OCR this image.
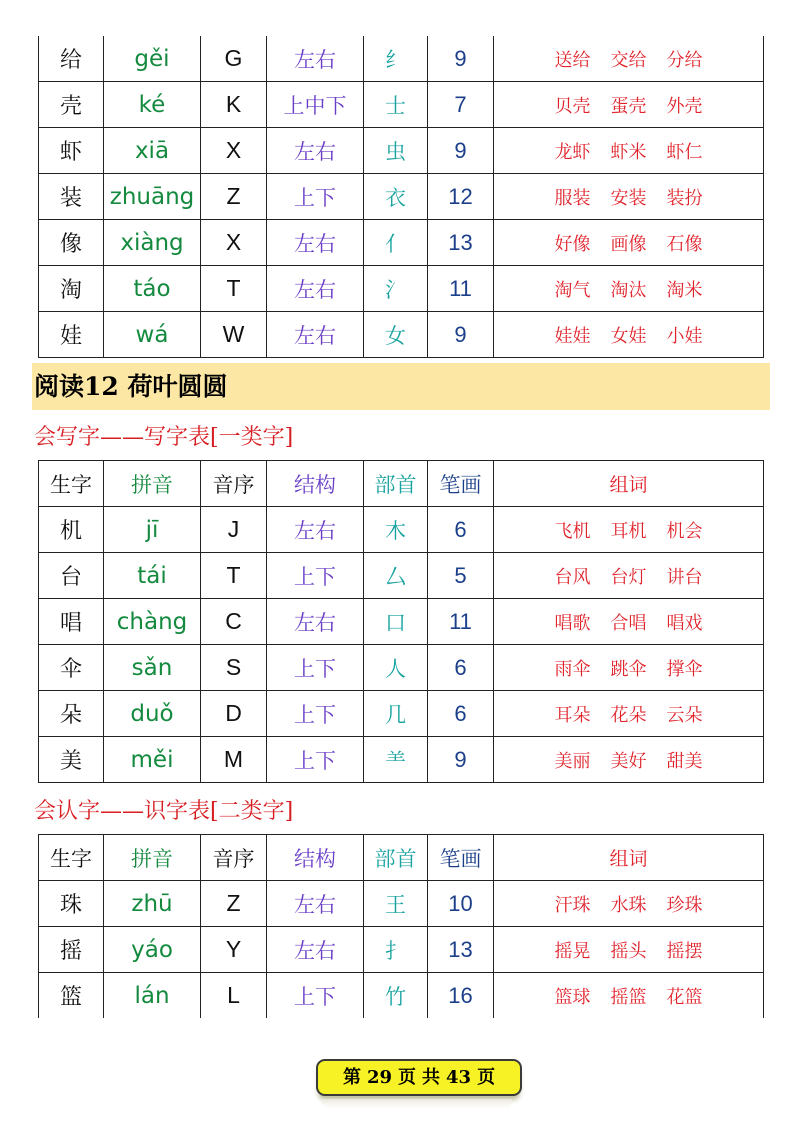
给	gěi	G	左右	纟	9	送给 交给 分给
壳	ké	K	上中下	士	7	贝壳 蛋壳 外壳
虾	xiā	X	左右	虫	9	龙虾 虾米 虾仁
装	zhuāng	Z	上下	衣	12	服装 安装 装扮
像	xiàng	X	左右	亻	13	好像 画像 石像
淘	táo	T	左右	氵	11	淘气 淘汰 淘米
娃	wá	W	左右	女	9	娃娃 女娃 小娃
阅读12 荷叶圆圆
会写字——写字表[一类字]
生字	拼音	音序	结构	部首	笔画	组词
机	jī	J	左右	木	6	飞机 耳机 机会
台	tái	T	上下	厶	5	台风 台灯 讲台
唱	chàng	C	左右	口	11	唱歌 合唱 唱戏
伞	sǎn	S	上下	人	6	雨伞 跳伞 撑伞
朵	duǒ	D	上下	几	6	耳朵 花朵 云朵
美	měi	M	上下	⺷	9	美丽 美好 甜美
会认字——识字表[二类字]
生字	拼音	音序	结构	部首	笔画	组词
珠	zhū	Z	左右	王	10	汗珠 水珠 珍珠
摇	yáo	Y	左右	扌	13	摇晃 摇头 摇摆
篮	lán	L	上下	竹	16	篮球 摇篮 花篮
第 29 页 共 43 页
